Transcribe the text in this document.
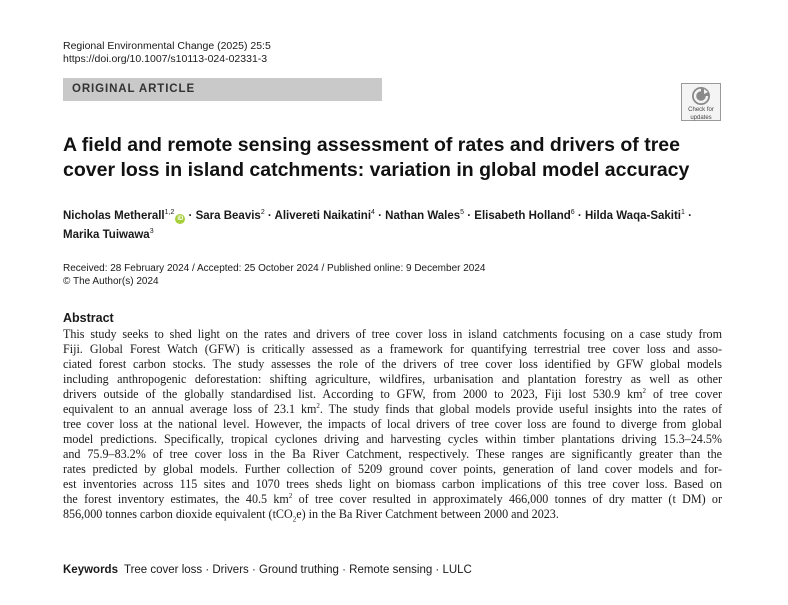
Regional Environmental Change (2025) 25:5
https://doi.org/10.1007/s10113-024-02331-3
ORIGINAL ARTICLE
Check for
updates
A field and remote sensing assessment of rates and drivers of tree
cover loss in island catchments: variation in global model accuracy
Nicholas Metherall$^{1,2}$iD · Sara Beavis$^2$ · Alivereti Naikatini$^4$ · Nathan Wales$^5$ · Elisabeth Holland$^6$ · Hilda Waqa-Sakiti$^1$ ·
Marika Tuiwawa$^3$
Received: 28 February 2024 / Accepted: 25 October 2024 / Published online: 9 December 2024
© The Author(s) 2024
Abstract
This study seeks to shed light on the rates and drivers of tree cover loss in island catchments focusing on a case study from
Fiji. Global Forest Watch (GFW) is critically assessed as a framework for quantifying terrestrial tree cover loss and asso-
ciated forest carbon stocks. The study assesses the role of the drivers of tree cover loss identified by GFW global models
including anthropogenic deforestation: shifting agriculture, wildfires, urbanisation and plantation forestry as well as other
drivers outside of the globally standardised list. According to GFW, from 2000 to 2023, Fiji lost 530.9 $km^2$ of tree cover
equivalent to an annual average loss of 23.1 $km^2$. The study finds that global models provide useful insights into the rates of
tree cover loss at the national level. However, the impacts of local drivers of tree cover loss are found to diverge from global
model predictions. Specifically, tropical cyclones driving and harvesting cycles within timber plantations driving 15.3–24.5%
and 75.9–83.2% of tree cover loss in the Ba River Catchment, respectively. These ranges are significantly greater than the
rates predicted by global models. Further collection of 5209 ground cover points, generation of land cover models and for-
est inventories across 115 sites and 1070 trees sheds light on biomass carbon implications of this tree cover loss. Based on
the forest inventory estimates, the 40.5 $km^2$ of tree cover resulted in approximately 466,000 tonnes of dry matter (t DM) or
856,000 tonnes carbon dioxide equivalent (tCO$_2$e) in the Ba River Catchment between 2000 and 2023.
Keywords Tree cover loss · Drivers · Ground truthing · Remote sensing · LULC
